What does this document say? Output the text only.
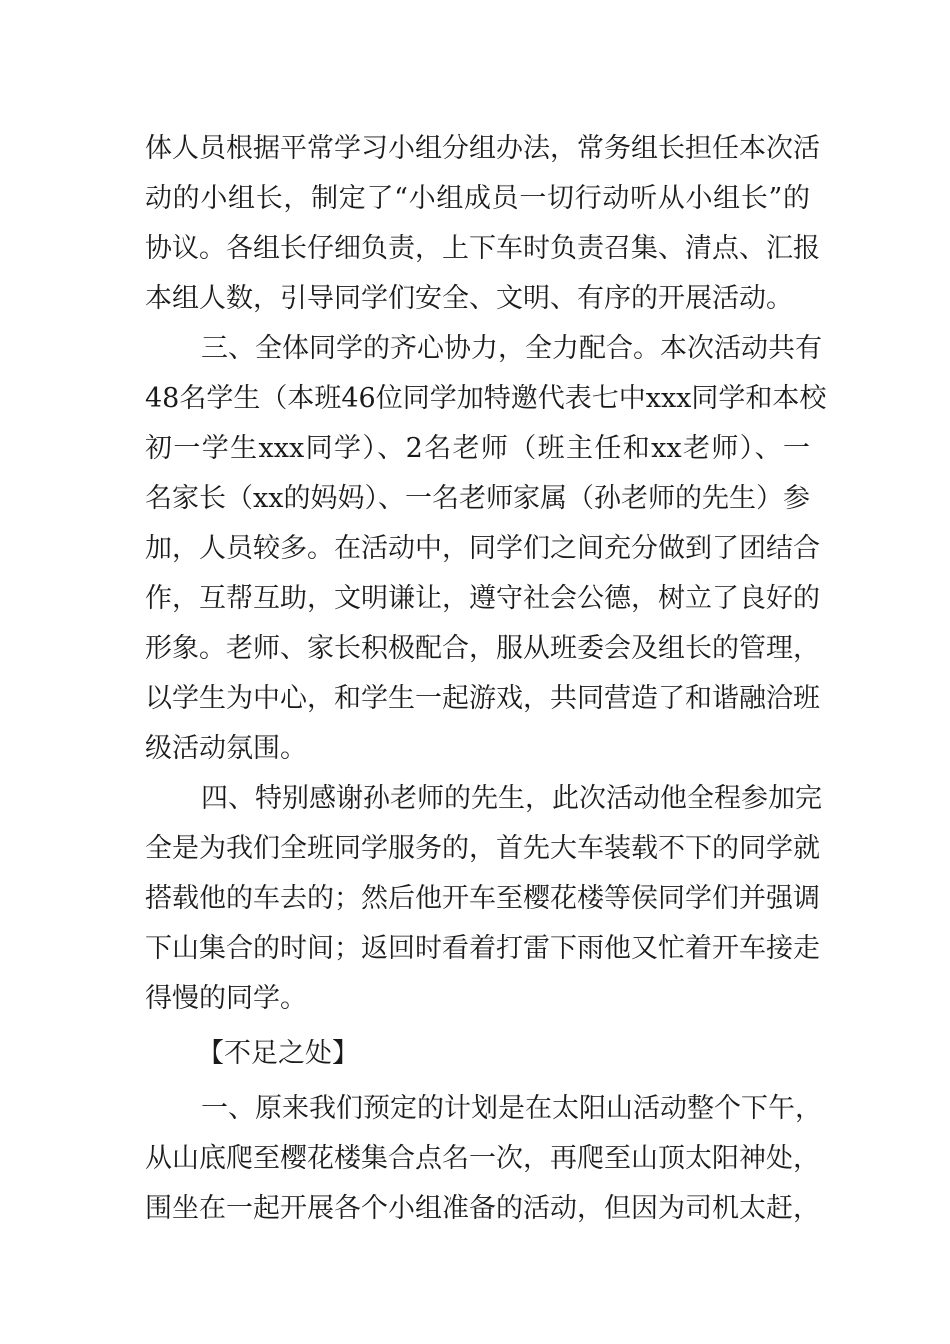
体人员根据平常学习小组分组办法，常务组长担任本次活
动的小组长，制定了“小组成员一切行动听从小组长”的
协议。各组长仔细负责，上下车时负责召集、清点、汇报
本组人数，引导同学们安全、文明、有序的开展活动。
三、全体同学的齐心协力，全力配合。本次活动共有
48名学生（本班46位同学加特邀代表七中xxx同学和本校
初一学生xxx同学）、2名老师（班主任和xx老师）、一
名家长（xx的妈妈）、一名老师家属（孙老师的先生）参
加，人员较多。在活动中，同学们之间充分做到了团结合
作，互帮互助，文明谦让，遵守社会公德，树立了良好的
形象。老师、家长积极配合，服从班委会及组长的管理，
以学生为中心，和学生一起游戏，共同营造了和谐融洽班
级活动氛围。
四、特别感谢孙老师的先生，此次活动他全程参加完
全是为我们全班同学服务的，首先大车装载不下的同学就
搭载他的车去的；然后他开车至樱花楼等侯同学们并强调
下山集合的时间；返回时看着打雷下雨他又忙着开车接走
得慢的同学。
【不足之处】
一、原来我们预定的计划是在太阳山活动整个下午，
从山底爬至樱花楼集合点名一次，再爬至山顶太阳神处，
围坐在一起开展各个小组准备的活动，但因为司机太赶，
